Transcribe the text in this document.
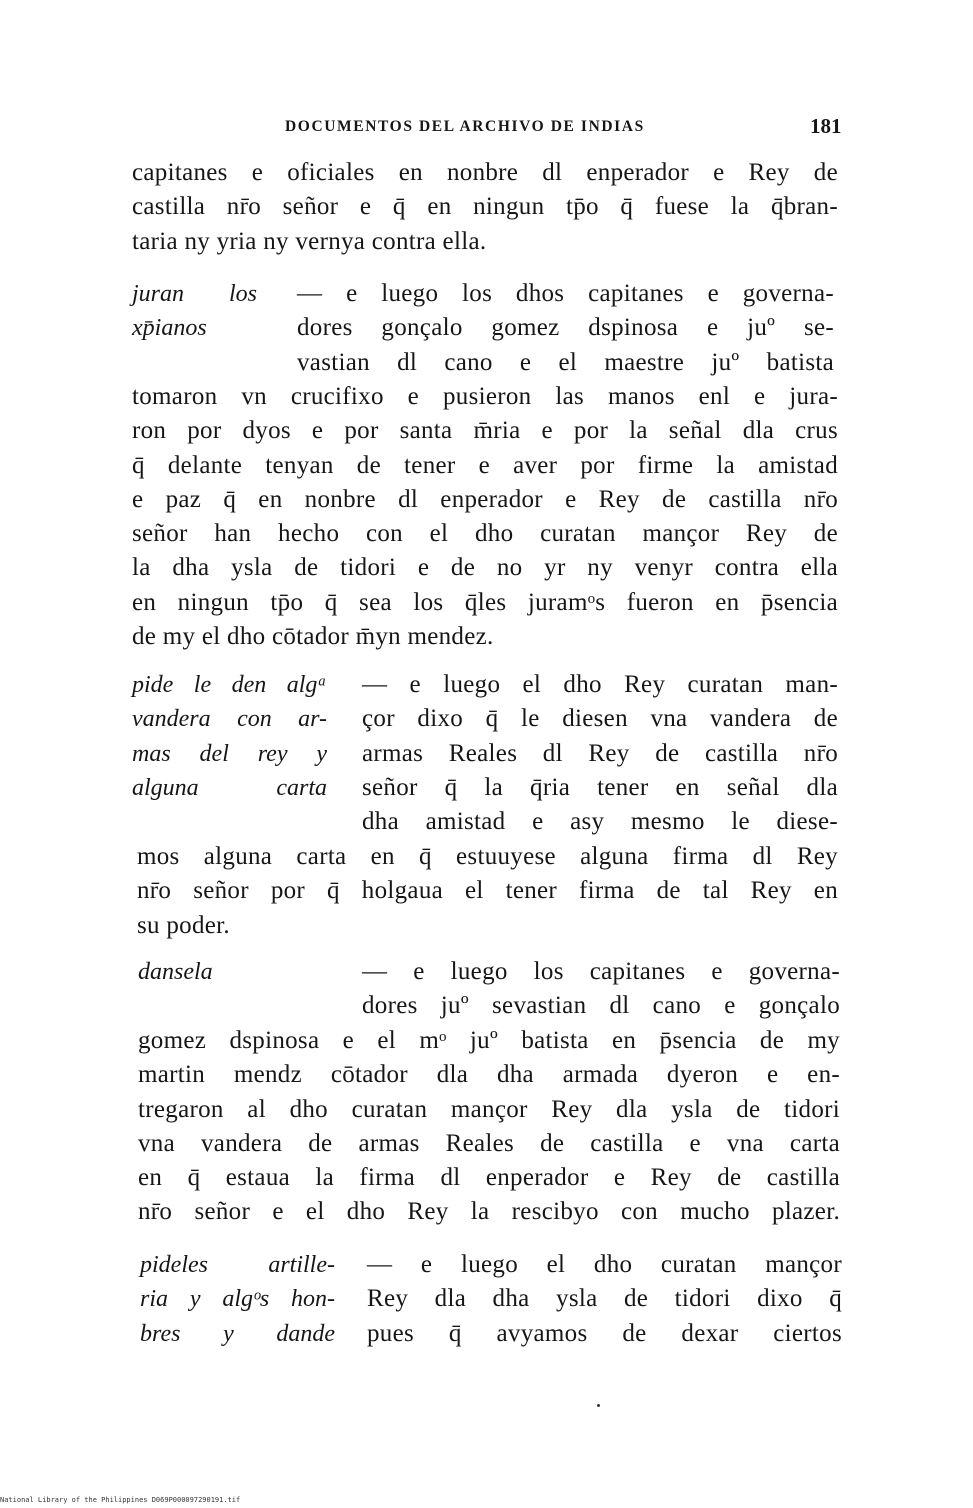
DOCUMENTOS DEL ARCHIVO DE INDIAS	181
capitanes e oficiales en nonbre dl enperador e Rey de
castilla nr̄o señor e q̄ en ningun tp̄o q̄ fuese la q̄bran-
taria ny yria ny vernya contra ella.
juran los
xp̄ianos
— e luego los dhos capitanes e governa-
dores gonçalo gomez dspinosa e juº se-
vastian dl cano e el maestre juº batista
tomaron vn crucifixo e pusieron las manos enl e jura-
ron por dyos e por santa m̄ria e por la señal dla crus
q̄ delante tenyan de tener e aver por firme la amistad
e paz q̄ en nonbre dl enperador e Rey de castilla nr̄o
señor han hecho con el dho curatan mançor Rey de
la dha ysla de tidori e de no yr ny venyr contra ella
en ningun tp̄o q̄ sea los q̄les juramᵒs fueron en p̄sencia
de my el dho cōtador m̄yn mendez.
pide le den algᵃ
vandera con ar-
mas del rey y
alguna carta
— e luego el dho Rey curatan man-
çor dixo q̄ le diesen vna vandera de
armas Reales dl Rey de castilla nr̄o
señor q̄ la q̄ria tener en señal dla
dha amistad e asy mesmo le diese-
mos alguna carta en q̄ estuuyese alguna firma dl Rey
nr̄o señor por q̄ holgaua el tener firma de tal Rey en
su poder.
dansela	— e luego los capitanes e governa-
dores juº sevastian dl cano e gonçalo
gomez dspinosa e el mᵒ juº batista en p̄sencia de my
martin mendz cōtador dla dha armada dyeron e en-
tregaron al dho curatan mançor Rey dla ysla de tidori
vna vandera de armas Reales de castilla e vna carta
en q̄ estaua la firma dl enperador e Rey de castilla
nr̄o señor e el dho Rey la rescibyo con mucho plazer.
pideles artille-
ria y algᵒs hon-
bres y dande
— e luego el dho curatan mançor
Rey dla dha ysla de tidori dixo q̄
pues q̄ avyamos de dexar ciertos
National Library of the Philippines D069P000097290191.tif
